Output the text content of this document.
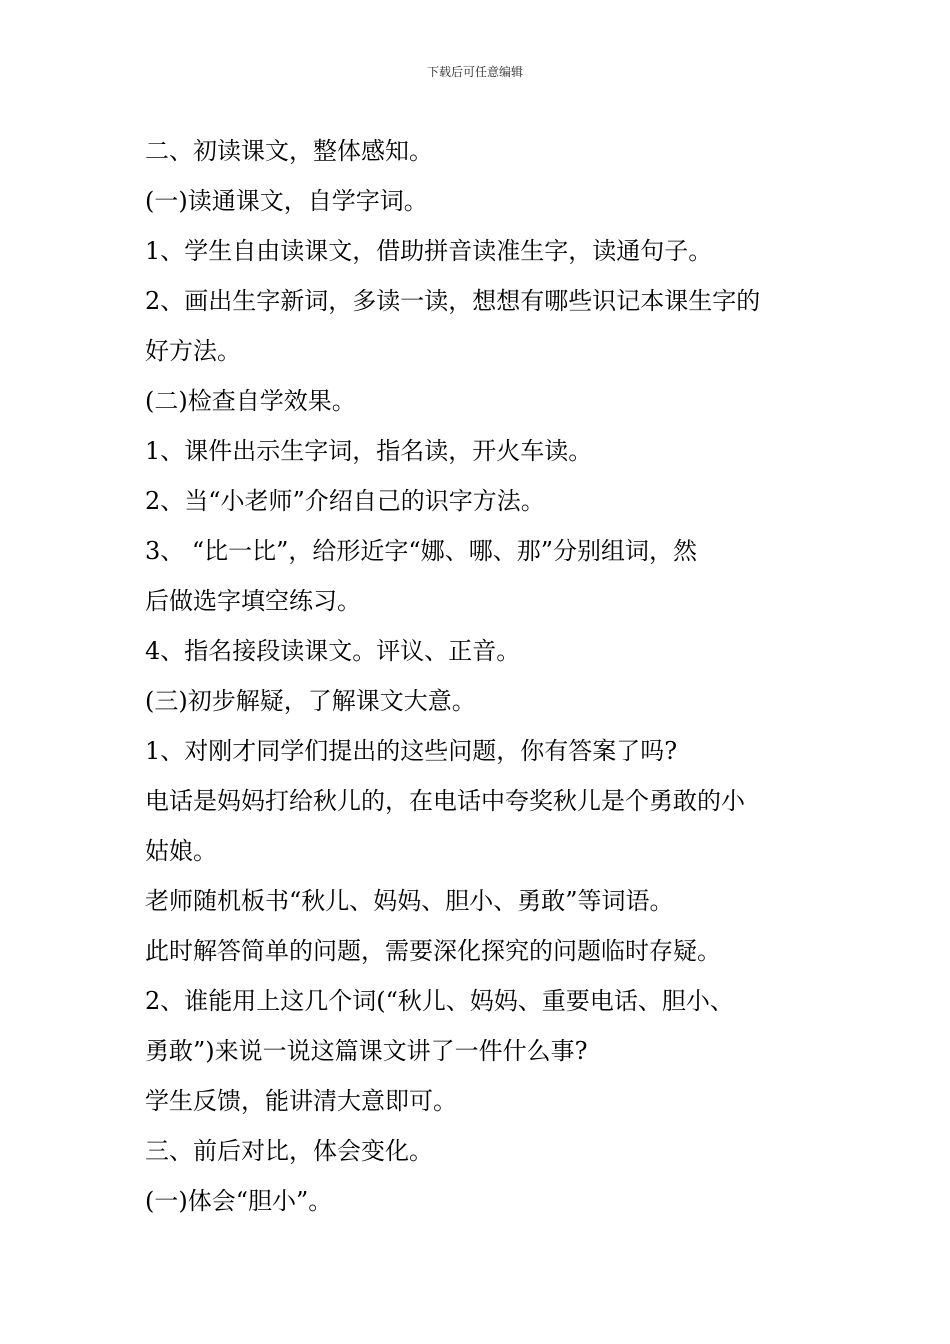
下载后可任意编辑
二、初读课文，整体感知。
(一)读通课文，自学字词。
1、学生自由读课文，借助拼音读准生字，读通句子。
2、画出生字新词，多读一读，想想有哪些识记本课生字的
好方法。
(二)检查自学效果。
1、课件出示生字词，指名读，开火车读。
2、当“小老师”介绍自己的识字方法。
3、 “比一比”，给形近字“娜、哪、那”分别组词，然
后做选字填空练习。
4、指名接段读课文。评议、正音。
(三)初步解疑，了解课文大意。
1、对刚才同学们提出的这些问题，你有答案了吗?
电话是妈妈打给秋儿的，在电话中夸奖秋儿是个勇敢的小
姑娘。
老师随机板书“秋儿、妈妈、胆小、勇敢”等词语。
此时解答简单的问题，需要深化探究的问题临时存疑。
2、谁能用上这几个词(“秋儿、妈妈、重要电话、胆小、
勇敢”)来说一说这篇课文讲了一件什么事?
学生反馈，能讲清大意即可。
三、前后对比，体会变化。
(一)体会“胆小”。
